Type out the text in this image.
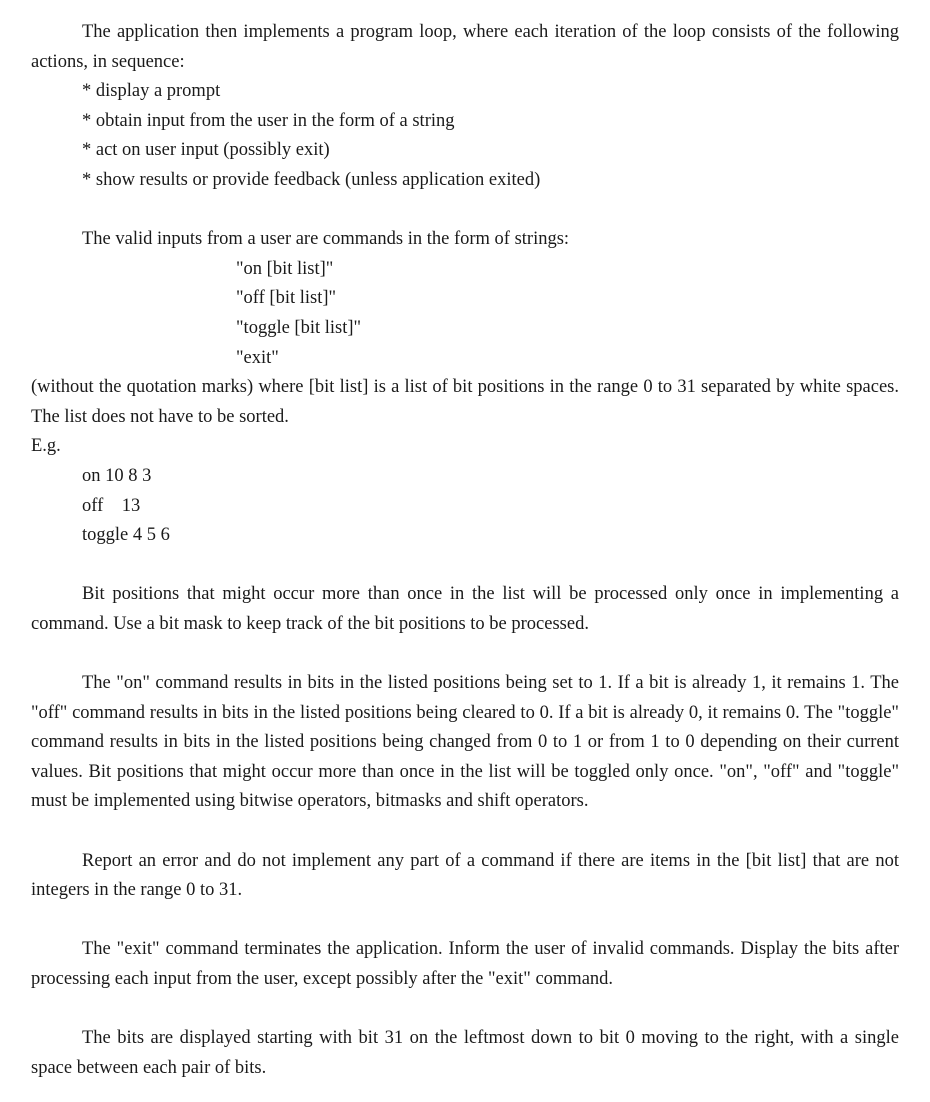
The application then implements a program loop, where each iteration of the loop consists of the following actions, in sequence:

* display a prompt
* obtain input from the user in the form of a string
* act on user input (possibly exit)
* show results or provide feedback (unless application exited)
The valid inputs from a user are commands in the form of strings:
"on [bit list]"
"off [bit list]"
"toggle [bit list]"
"exit"

(without the quotation marks) where [bit list] is a list of bit positions in the range 0 to 31 separated by white spaces. The list does not have to be sorted.

E.g.
on 10 8 3
off    13
toggle 4 5 6

Bit positions that might occur more than once in the list will be processed only once in implementing a command. Use a bit mask to keep track of the bit positions to be processed.

The "on" command results in bits in the listed positions being set to 1. If a bit is already 1, it remains 1. The "off" command results in bits in the listed positions being cleared to 0. If a bit is already 0, it remains 0. The "toggle" command results in bits in the listed positions being changed from 0 to 1 or from 1 to 0 depending on their current values. Bit positions that might occur more than once in the list will be toggled only once. "on", "off" and "toggle" must be implemented using bitwise operators, bitmasks and shift operators.

Report an error and do not implement any part of a command if there are items in the [bit list] that are not integers in the range 0 to 31.

The "exit" command terminates the application. Inform the user of invalid commands. Display the bits after processing each input from the user, except possibly after the "exit" command.

The bits are displayed starting with bit 31 on the leftmost down to bit 0 moving to the right, with a single space between each pair of bits.
